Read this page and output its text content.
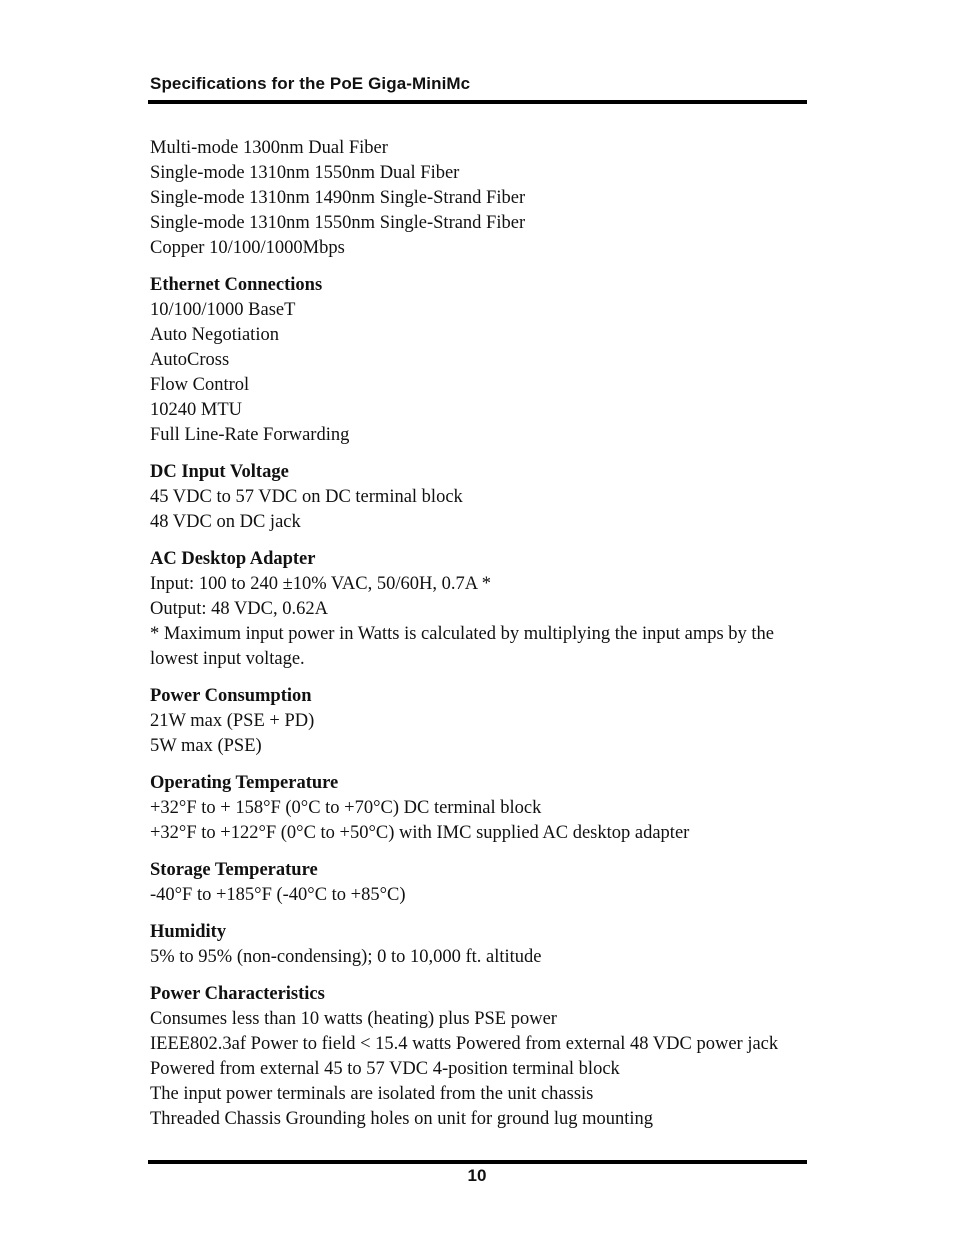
Specifications for the PoE Giga-MiniMc
Multi-mode 1300nm Dual Fiber
Single-mode 1310nm 1550nm Dual Fiber
Single-mode 1310nm 1490nm Single-Strand Fiber
Single-mode 1310nm 1550nm Single-Strand Fiber
Copper 10/100/1000Mbps
Ethernet Connections
10/100/1000 BaseT
Auto Negotiation
AutoCross
Flow Control
10240 MTU
Full Line-Rate Forwarding
DC Input Voltage
45 VDC to 57 VDC on DC terminal block
48 VDC on DC jack
AC Desktop Adapter
Input: 100 to 240 ±10% VAC, 50/60H, 0.7A *
Output: 48 VDC, 0.62A
* Maximum input power in Watts is calculated by multiplying the input amps by the lowest input voltage.
Power Consumption
21W max (PSE + PD)
5W max (PSE)
Operating Temperature
+32°F to + 158°F (0°C to +70°C) DC terminal block
+32°F to +122°F (0°C to +50°C) with IMC supplied AC desktop adapter
Storage Temperature
-40°F to +185°F (-40°C to +85°C)
Humidity
5% to 95% (non-condensing); 0 to 10,000 ft. altitude
Power Characteristics
Consumes less than 10 watts (heating) plus PSE power
IEEE802.3af Power to field < 15.4 watts Powered from external 48 VDC power jack
Powered from external 45 to 57 VDC 4-position terminal block
The input power terminals are isolated from the unit chassis
Threaded Chassis Grounding holes on unit for ground lug mounting
10
